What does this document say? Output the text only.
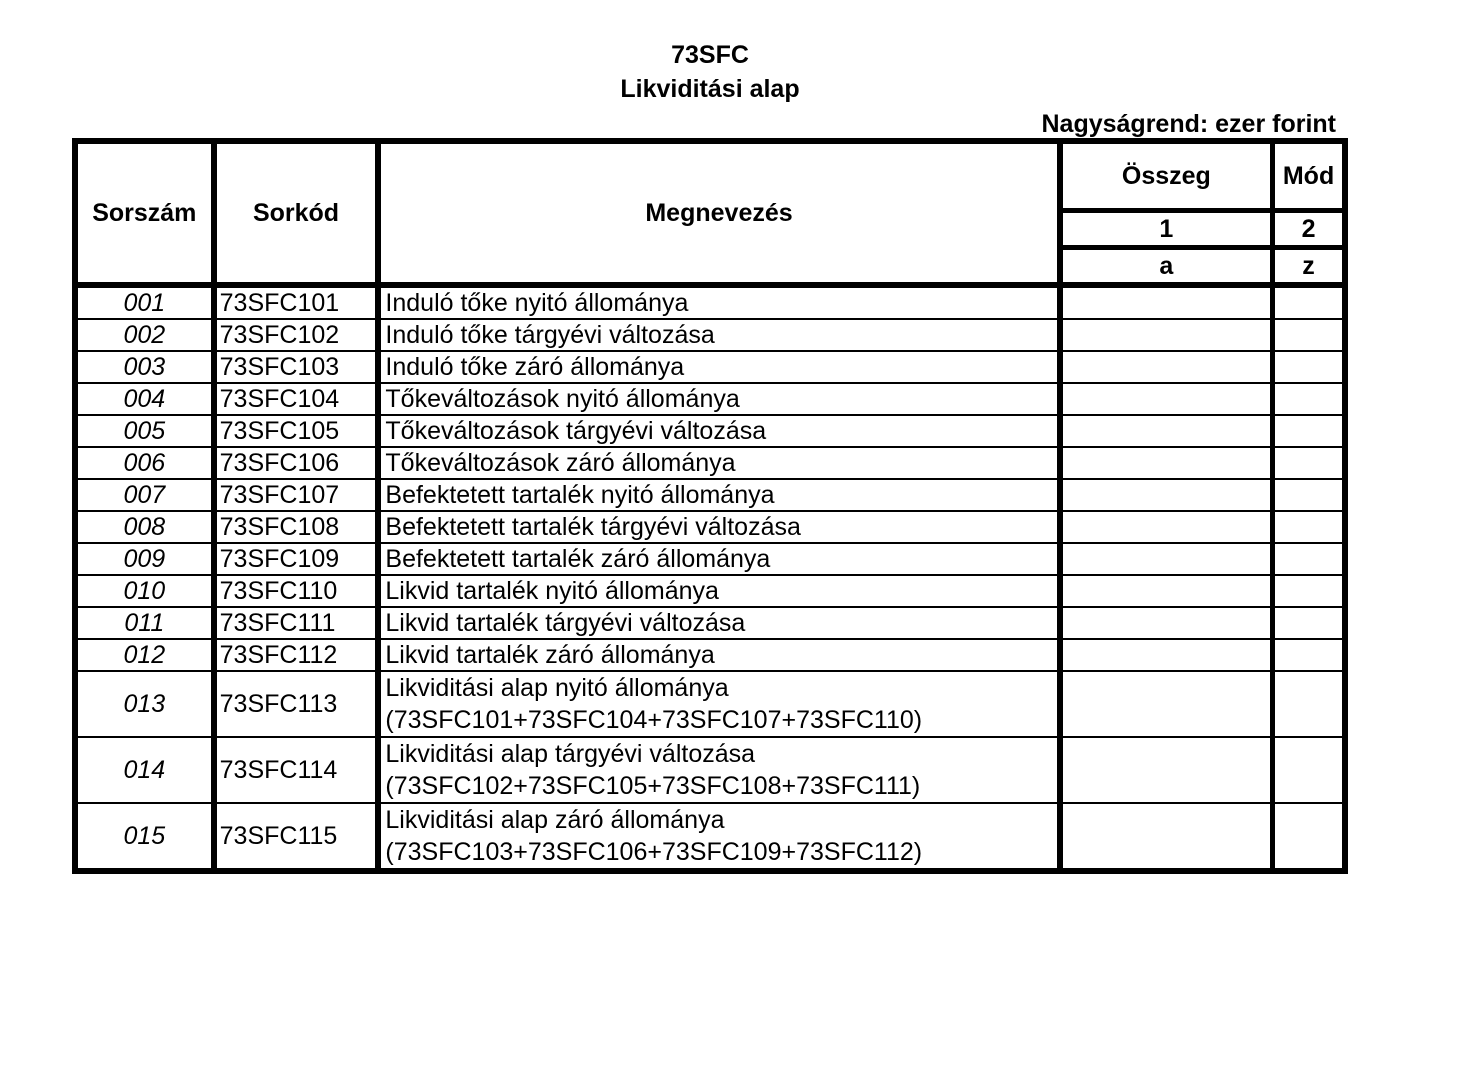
73SFC
Likviditási alap
Nagyságrend: ezer forint
Sorszám	Sorkód	Megnevezés	Összeg	Mód
			1	2
			a	z
001	73SFC101	Induló tőke nyitó állománya		
002	73SFC102	Induló tőke tárgyévi változása		
003	73SFC103	Induló tőke záró állománya		
004	73SFC104	Tőkeváltozások nyitó állománya		
005	73SFC105	Tőkeváltozások tárgyévi változása		
006	73SFC106	Tőkeváltozások záró állománya		
007	73SFC107	Befektetett tartalék nyitó állománya		
008	73SFC108	Befektetett tartalék tárgyévi változása		
009	73SFC109	Befektetett tartalék záró állománya		
010	73SFC110	Likvid tartalék nyitó állománya		
011	73SFC111	Likvid tartalék tárgyévi változása		
012	73SFC112	Likvid tartalék záró állománya		
013	73SFC113	Likviditási alap nyitó állománya
(73SFC101+73SFC104+73SFC107+73SFC110)		

014	73SFC114	Likviditási alap tárgyévi változása
(73SFC102+73SFC105+73SFC108+73SFC111)		

015	73SFC115	Likviditási alap záró állománya
(73SFC103+73SFC106+73SFC109+73SFC112)		
